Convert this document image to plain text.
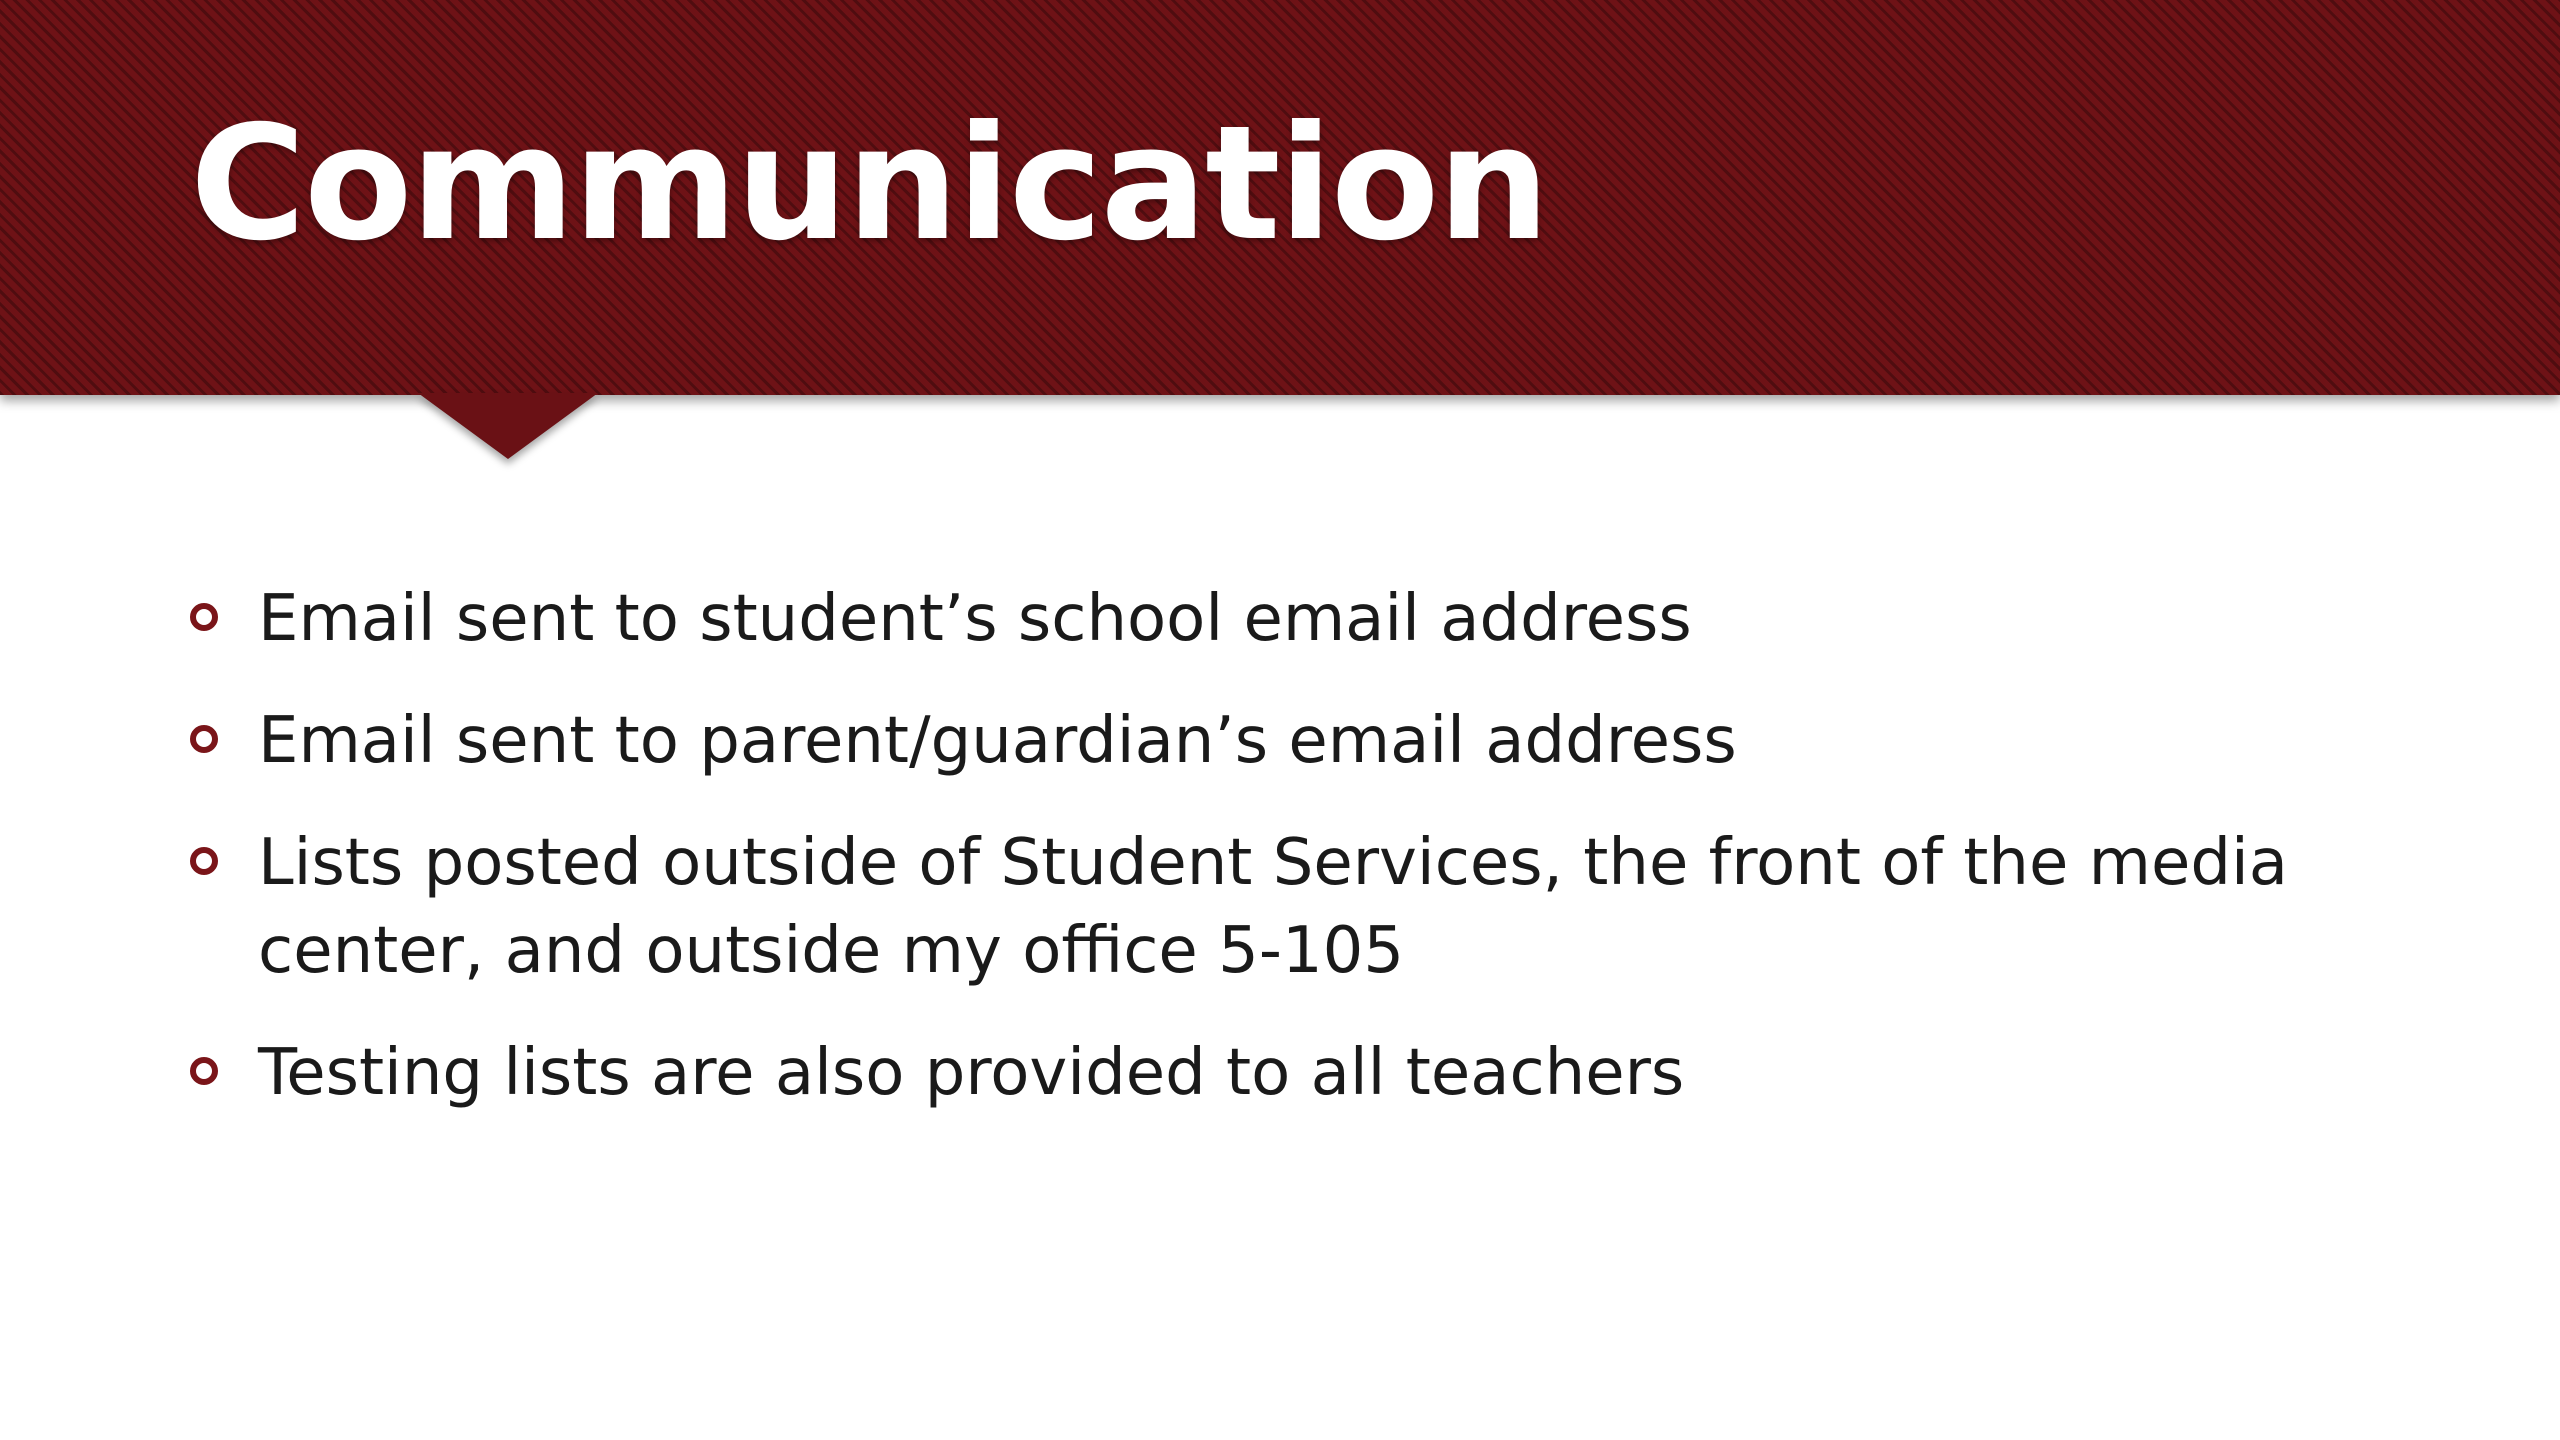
Communication
Email sent to student’s school email address
Email sent to parent/guardian’s email address
Lists posted outside of Student Services, the front of the media center, and outside my office 5-105
Testing lists are also provided to all teachers
